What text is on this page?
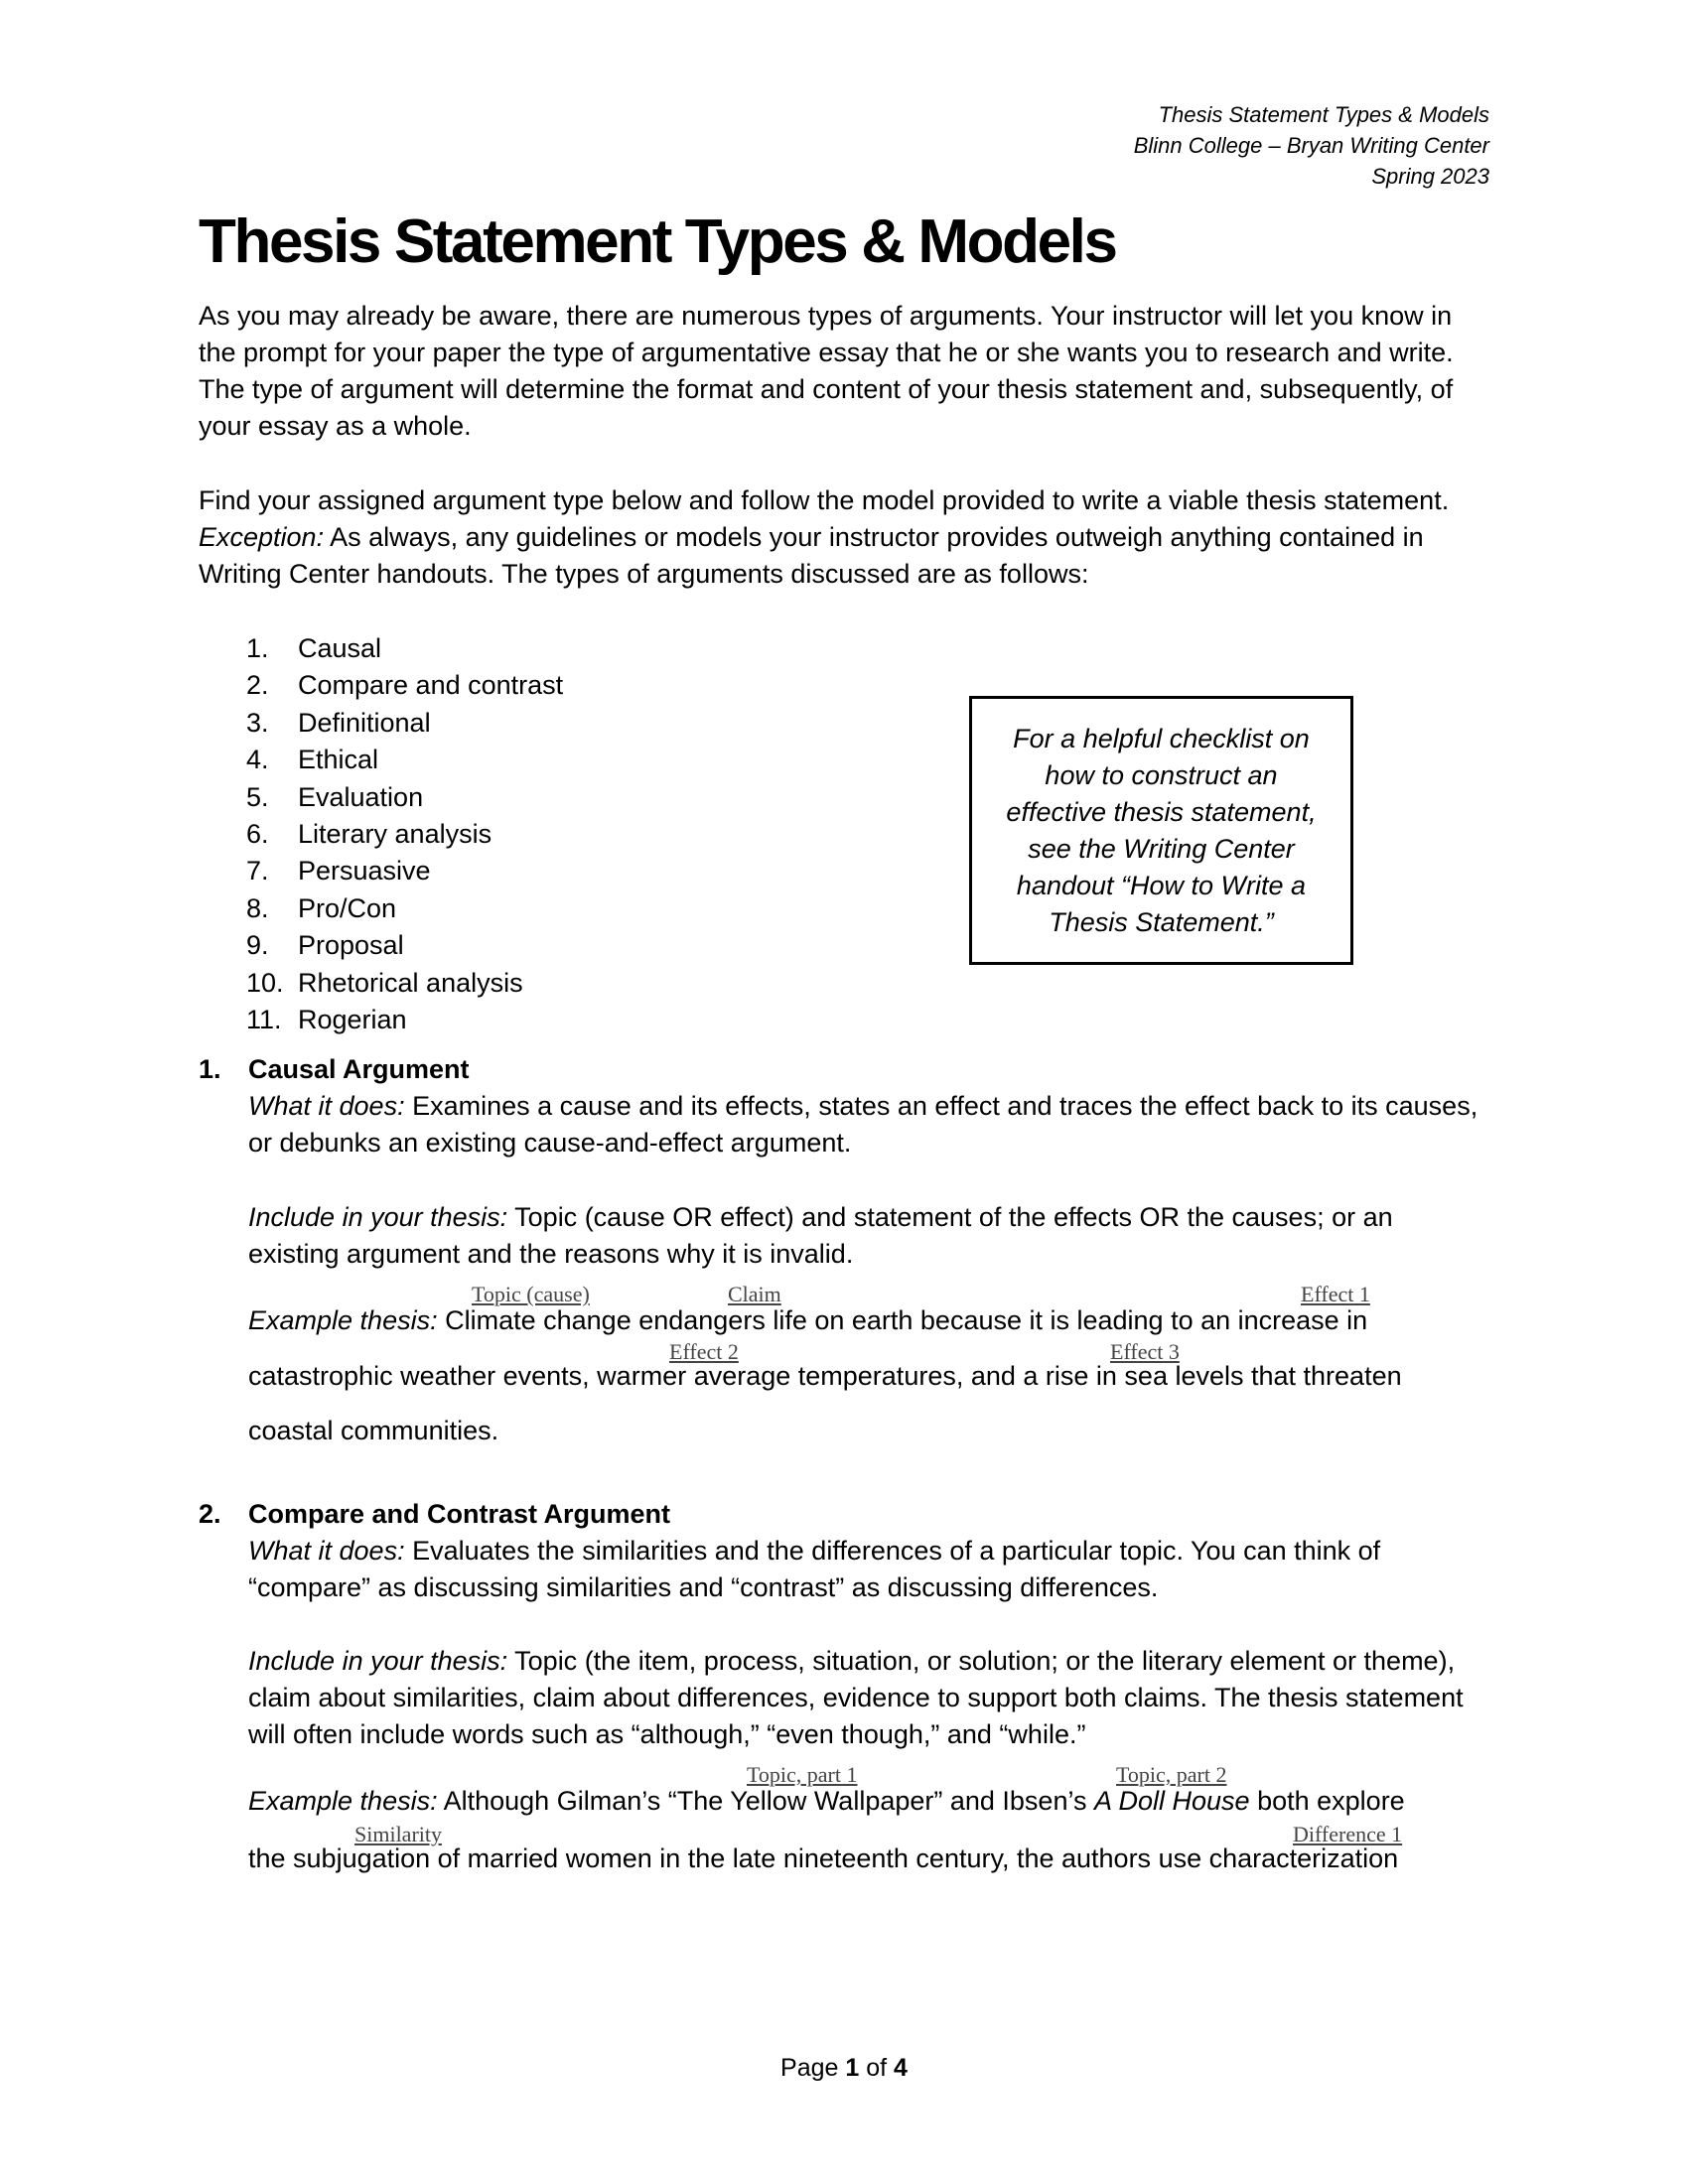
Thesis Statement Types & Models
Blinn College – Bryan Writing Center
Spring 2023
Thesis Statement Types & Models

As you may already be aware, there are numerous types of arguments. Your instructor will let you know in the prompt for your paper the type of argumentative essay that he or she wants you to research and write. The type of argument will determine the format and content of your thesis statement and, subsequently, of your essay as a whole.

Find your assigned argument type below and follow the model provided to write a viable thesis statement. Exception: As always, any guidelines or models your instructor provides outweigh anything contained in Writing Center handouts. The types of arguments discussed are as follows:

1. Causal
2. Compare and contrast
3. Definitional
4. Ethical
5. Evaluation
6. Literary analysis
7. Persuasive
8. Pro/Con
9. Proposal
10. Rhetorical analysis
11. Rogerian

For a helpful checklist on how to construct an effective thesis statement, see the Writing Center handout “How to Write a Thesis Statement.”

1. Causal Argument

What it does: Examines a cause and its effects, states an effect and traces the effect back to its causes, or debunks an existing cause-and-effect argument.

Include in your thesis: Topic (cause OR effect) and statement of the effects OR the causes; or an existing argument and the reasons why it is invalid.

Topic (cause)	Claim	Effect 1

Example thesis: Climate change endangers life on earth because it is leading to an increase in

Effect 2	Effect 3

catastrophic weather events, warmer average temperatures, and a rise in sea levels that threaten

coastal communities.

2. Compare and Contrast Argument

What it does: Evaluates the similarities and the differences of a particular topic. You can think of “compare” as discussing similarities and “contrast” as discussing differences.

Include in your thesis: Topic (the item, process, situation, or solution; or the literary element or theme), claim about similarities, claim about differences, evidence to support both claims. The thesis statement will often include words such as “although,” “even though,” and “while.”

Topic, part 1	Topic, part 2

Example thesis: Although Gilman’s “The Yellow Wallpaper” and Ibsen’s A Doll House both explore

Similarity	Difference 1

the subjugation of married women in the late nineteenth century, the authors use characterization

Page 1 of 4
